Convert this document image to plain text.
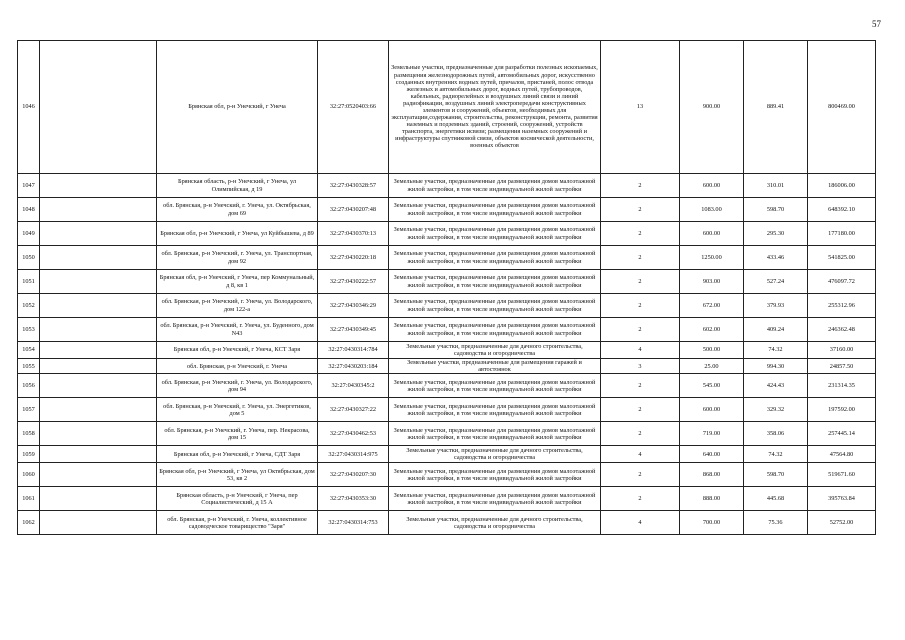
57
1046		Брянская обл, р-н Унечский, г Унеча	32:27:0520403:66	Земельные участки, предназначенные для разработки полезных ископаемых, размещения железнодорожных путей, автомобильных дорог, искусственно созданных внутренних водных путей, причалов, пристаней, полос отвода железных и автомобильных дорог, водных путей, трубопроводов, кабельных, радиорелейных и воздушных линий связи и линий радиофикации, воздушных линий электропередачи конструктивных элементов и сооружений, объектов, необходимых для эксплуатации,содержания, строительства, реконструкции, ремонта, развития наземных и подземных зданий, строений, сооружений, устройств транспорта, энергетики исвязи; размещения наземных сооружений и инфраструктуры спутниковой связи, объектов космической деятельности, военных объектов	13	900.00	889.41	800469.00
1047		Брянская область, р-н Унечский, г Унеча, ул Олимпийская, д 19	32:27:0430328:57	Земельные участки, предназначенные для размещения домов малоэтажной жилой застройки, в том числе индивидуальной жилой застройки	2	600.00	310.01	186006.00
1048		обл. Брянская, р-н Унечский, г. Унеча, ул. Октябрьская, дом 69	32:27:0430207:48	Земельные участки, предназначенные для размещения домов малоэтажной жилой застройки, в том числе индивидуальной жилой застройки	2	1083.00	598.70	648392.10
1049		Брянская обл, р-н Унечский, г Унеча, ул Куйбышева, д 89	32:27:0430370:13	Земельные участки, предназначенные для размещения домов малоэтажной жилой застройки, в том числе индивидуальной жилой застройки	2	600.00	295.30	177180.00
1050		обл. Брянская, р-н Унечский, г. Унеча, ул. Транспортная, дом 92	32:27:0430220:18	Земельные участки, предназначенные для размещения домов малоэтажной жилой застройки, в том числе индивидуальной жилой застройки	2	1250.00	433.46	541825.00
1051		Брянская обл, р-н Унечский, г Унеча, пер Коммунальный, д 8, кв 1	32:27:0430222:57	Земельные участки, предназначенные для размещения домов малоэтажной жилой застройки, в том числе индивидуальной жилой застройки	2	903.00	527.24	476097.72
1052		обл. Брянская, р-н Унечский, г. Унеча, ул. Володарского, дом 122-а	32:27:0430346:29	Земельные участки, предназначенные для размещения домов малоэтажной жилой застройки, в том числе индивидуальной жилой застройки	2	672.00	379.93	255312.96
1053		обл. Брянская, р-н Унечский, г. Унеча, ул. Буденного, дом N43	32:27:0430349:45	Земельные участки, предназначенные для размещения домов малоэтажной жилой застройки, в том числе индивидуальной жилой застройки	2	602.00	409.24	246362.48
1054		Брянская обл, р-н Унечский, г Унеча, КСТ Заря	32:27:0430314:784	Земельные участки, предназначенные для дачного строительства, садоводства и огородничества	4	500.00	74.32	37160.00
1055		обл. Брянская, р-н Унечский, г. Унеча	32:27:0430203:184	Земельные участки, предназначенные для размещения гаражей и автостоянок	3	25.00	994.30	24857.50
1056		обл. Брянская, р-н Унечский, г. Унеча, ул. Володарского, дом 94	32:27:0430345:2	Земельные участки, предназначенные для размещения домов малоэтажной жилой застройки, в том числе индивидуальной жилой застройки	2	545.00	424.43	231314.35
1057		обл. Брянская, р-н Унечский, г. Унеча, ул. Энергетиков, дом 5	32:27:0430327:22	Земельные участки, предназначенные для размещения домов малоэтажной жилой застройки, в том числе индивидуальной жилой застройки	2	600.00	329.32	197592.00
1058		обл. Брянская, р-н Унечский, г. Унеча, пер. Некрасова, дом 15	32:27:0430462:53	Земельные участки, предназначенные для размещения домов малоэтажной жилой застройки, в том числе индивидуальной жилой застройки	2	719.00	358.06	257445.14
1059		Брянская обл, р-н Унечский, г Унеча, СДТ Заря	32:27:0430314:975	Земельные участки, предназначенные для дачного строительства, садоводства и огородничества	4	640.00	74.32	47564.80
1060		Брянская обл, р-н Унечский, г Унеча, ул Октябрьская, дом 53, кв 2	32:27:0430207:30	Земельные участки, предназначенные для размещения домов малоэтажной жилой застройки, в том числе индивидуальной жилой застройки	2	868.00	598.70	519671.60
1061		Брянская область, р-н Унечский, г Унеча, пер Социалистический, д 15 А	32:27:0430353:30	Земельные участки, предназначенные для размещения домов малоэтажной жилой застройки, в том числе индивидуальной жилой застройки	2	888.00	445.68	395763.84
1062		обл. Брянская, р-н Унечский, г. Унеча, коллективное садоводческое товарищество "Заря"	32:27:0430314:753	Земельные участки, предназначенные для дачного строительства, садоводства и огородничества	4	700.00	75.36	52752.00
